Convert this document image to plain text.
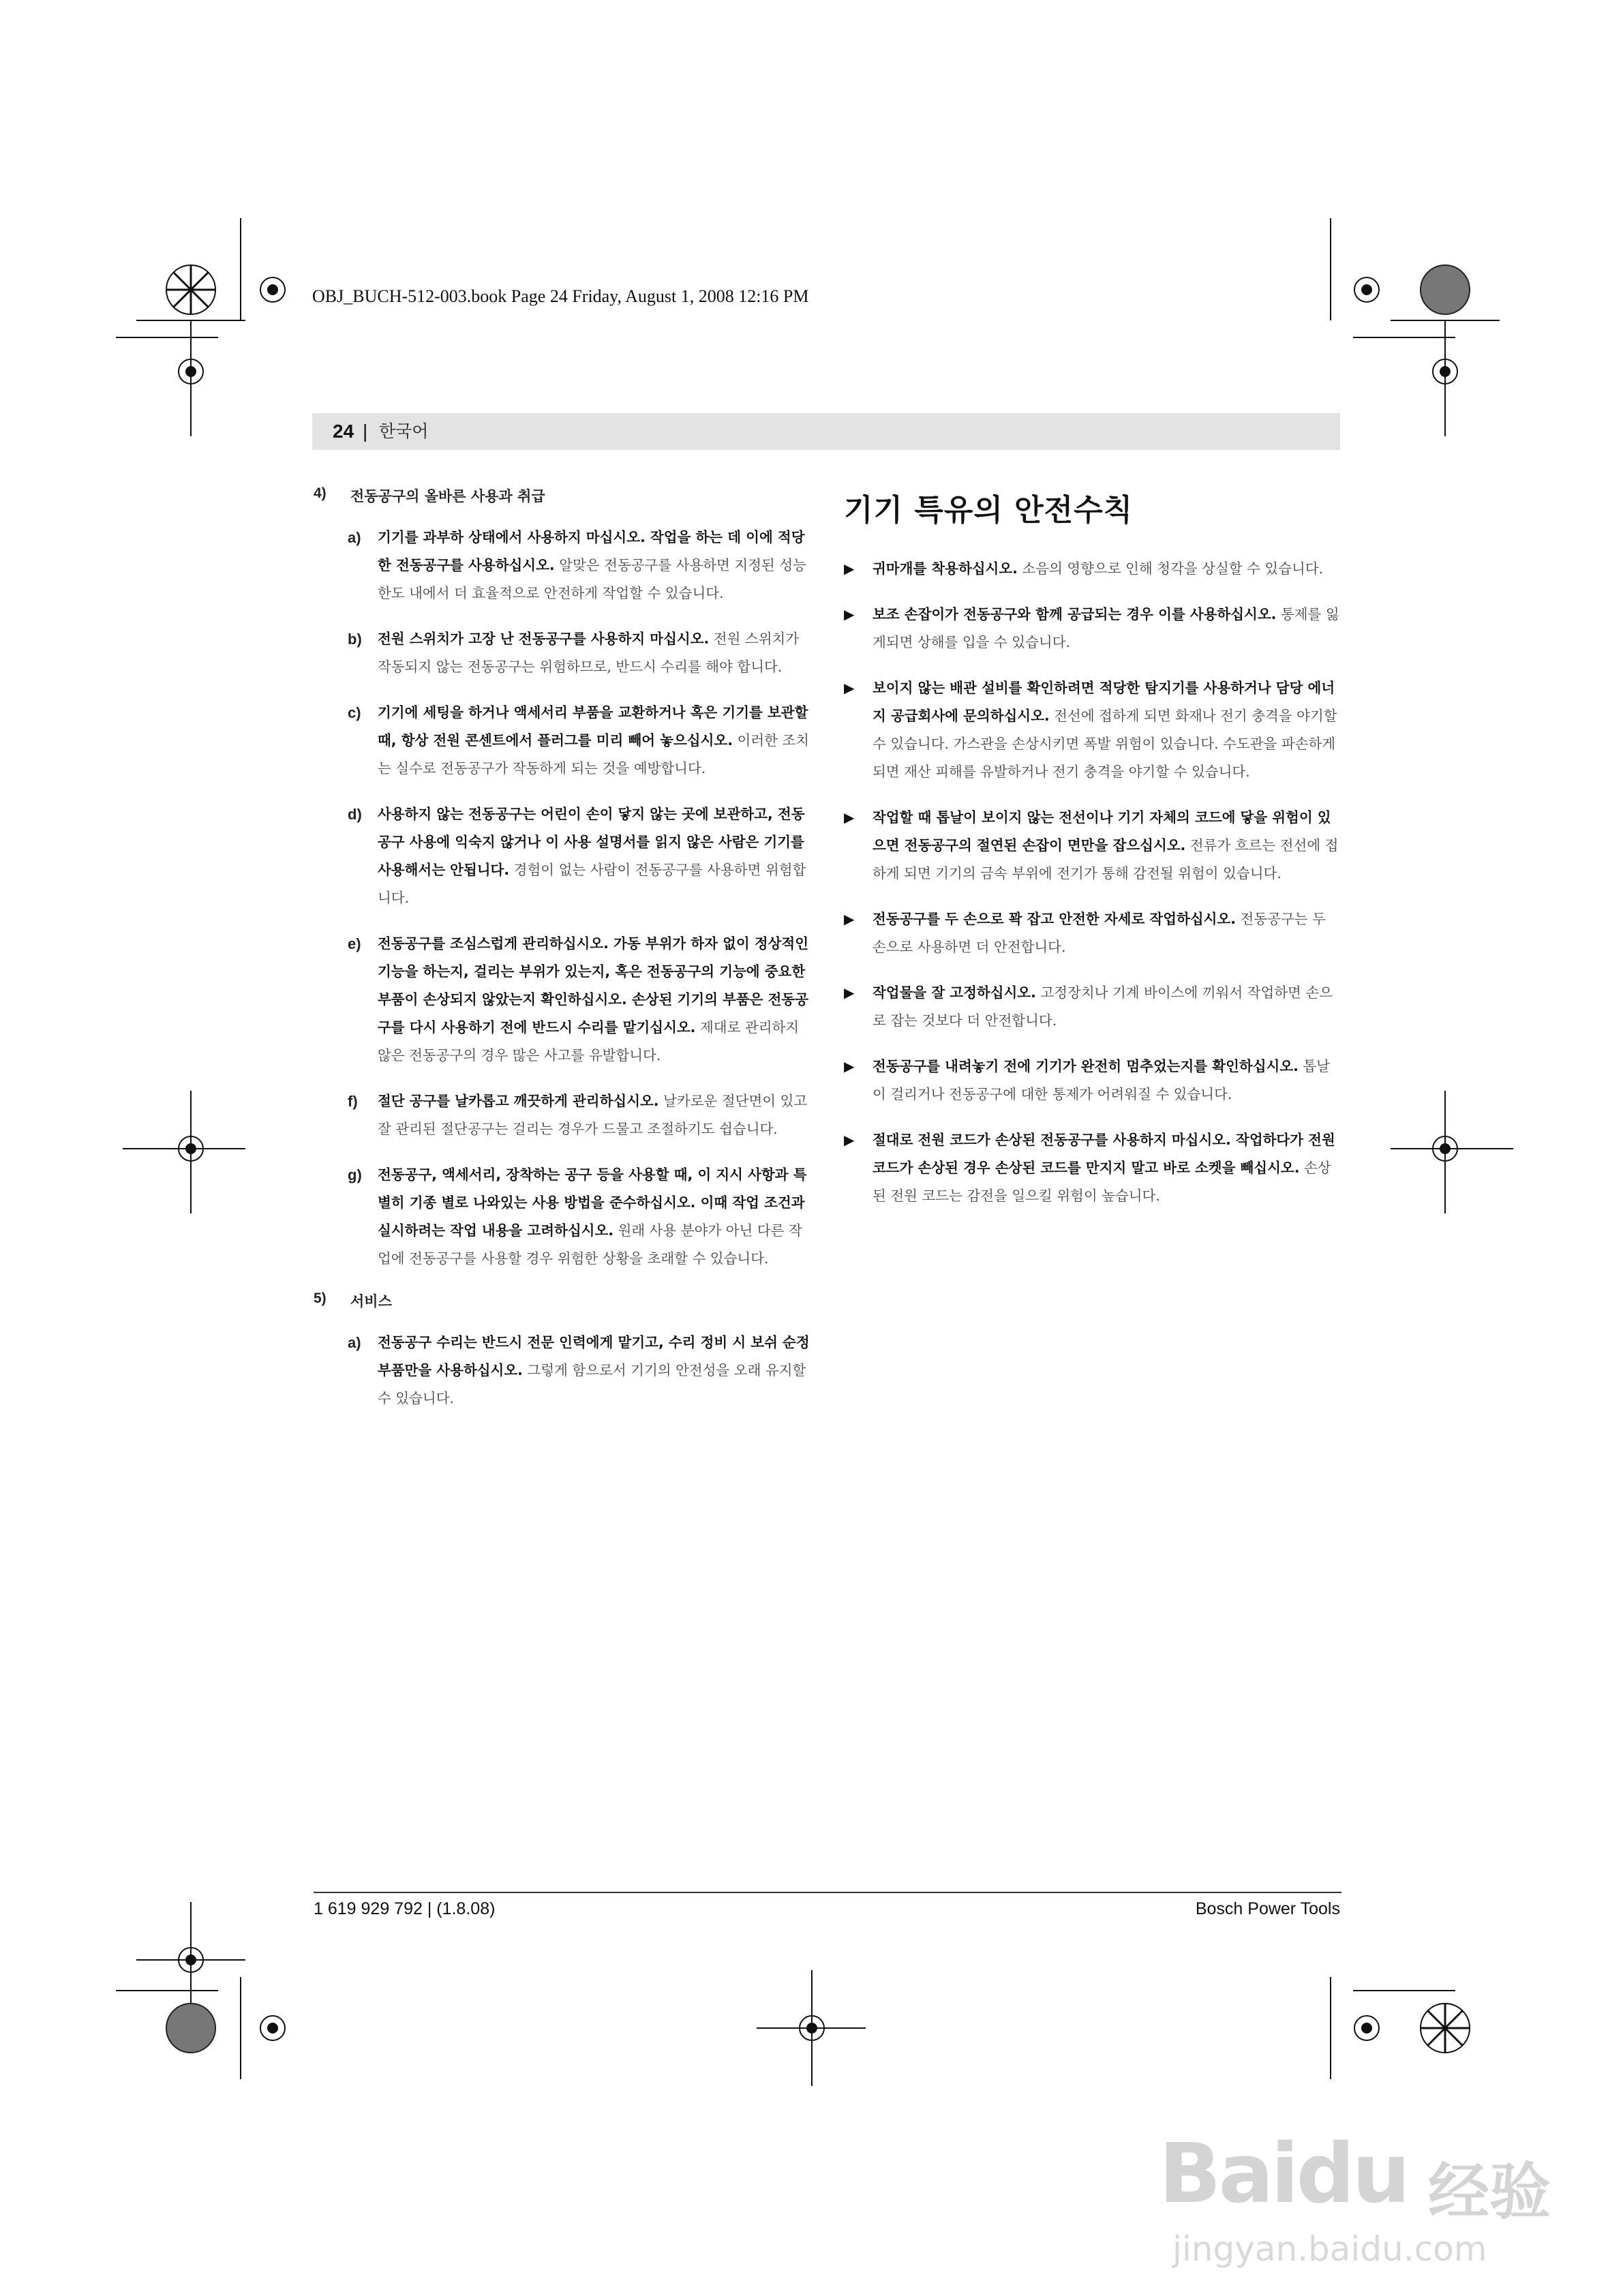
OBJ_BUCH-512-003.book Page 24 Friday, August 1, 2008 12:16 PM
24 | 한국어
4)	전동공구의 올바른 사용과 취급
a)	기기를 과부하 상태에서 사용하지 마십시오. 작업을 하는 데 이에 적당한 전동공구를 사용하십시오. 알맞은 전동공구를 사용하면 지정된 성능 한도 내에서 더 효율적으로 안전하게 작업할 수 있습니다.
b)	전원 스위치가 고장 난 전동공구를 사용하지 마십시오. 전원 스위치가 작동되지 않는 전동공구는 위험하므로, 반드시 수리를 해야 합니다.
c)	기기에 세팅을 하거나 액세서리 부품을 교환하거나 혹은 기기를 보관할 때, 항상 전원 콘센트에서 플러그를 미리 빼어 놓으십시오. 이러한 조치는 실수로 전동공구가 작동하게 되는 것을 예방합니다.
d)	사용하지 않는 전동공구는 어린이 손이 닿지 않는 곳에 보관하고, 전동공구 사용에 익숙지 않거나 이 사용 설명서를 읽지 않은 사람은 기기를 사용해서는 안됩니다. 경험이 없는 사람이 전동공구를 사용하면 위험합니다.
e)	전동공구를 조심스럽게 관리하십시오. 가동 부위가 하자 없이 정상적인 기능을 하는지, 걸리는 부위가 있는지, 혹은 전동공구의 기능에 중요한 부품이 손상되지 않았는지 확인하십시오. 손상된 기기의 부품은 전동공구를 다시 사용하기 전에 반드시 수리를 맡기십시오. 제대로 관리하지 않은 전동공구의 경우 많은 사고를 유발합니다.
f)	절단 공구를 날카롭고 깨끗하게 관리하십시오. 날카로운 절단면이 있고 잘 관리된 절단공구는 걸리는 경우가 드물고 조절하기도 쉽습니다.
g)	전동공구, 액세서리, 장착하는 공구 등을 사용할 때, 이 지시 사항과 특별히 기종 별로 나와있는 사용 방법을 준수하십시오. 이때 작업 조건과 실시하려는 작업 내용을 고려하십시오. 원래 사용 분야가 아닌 다른 작업에 전동공구를 사용할 경우 위험한 상황을 초래할 수 있습니다.
5)	서비스
a)	전동공구 수리는 반드시 전문 인력에게 맡기고, 수리 정비 시 보쉬 순정 부품만을 사용하십시오. 그렇게 함으로서 기기의 안전성을 오래 유지할 수 있습니다.
기기 특유의 안전수칙
▶	귀마개를 착용하십시오. 소음의 영향으로 인해 청각을 상실할 수 있습니다.
▶	보조 손잡이가 전동공구와 함께 공급되는 경우 이를 사용하십시오. 통제를 잃게되면 상해를 입을 수 있습니다.
▶	보이지 않는 배관 설비를 확인하려면 적당한 탐지기를 사용하거나 담당 에너지 공급회사에 문의하십시오. 전선에 접하게 되면 화재나 전기 충격을 야기할 수 있습니다. 가스관을 손상시키면 폭발 위험이 있습니다. 수도관을 파손하게 되면 재산 피해를 유발하거나 전기 충격을 야기할 수 있습니다.
▶	작업할 때 톱날이 보이지 않는 전선이나 기기 자체의 코드에 닿을 위험이 있으면 전동공구의 절연된 손잡이 면만을 잡으십시오. 전류가 흐르는 전선에 접하게 되면 기기의 금속 부위에 전기가 통해 감전될 위험이 있습니다.
▶	전동공구를 두 손으로 꽉 잡고 안전한 자세로 작업하십시오. 전동공구는 두 손으로 사용하면 더 안전합니다.
▶	작업물을 잘 고정하십시오. 고정장치나 기계 바이스에 끼워서 작업하면 손으로 잡는 것보다 더 안전합니다.
▶	전동공구를 내려놓기 전에 기기가 완전히 멈추었는지를 확인하십시오. 톱날이 걸리거나 전동공구에 대한 통제가 어려워질 수 있습니다.
▶	절대로 전원 코드가 손상된 전동공구를 사용하지 마십시오. 작업하다가 전원 코드가 손상된 경우 손상된 코드를 만지지 말고 바로 소켓을 빼십시오. 손상된 전원 코드는 감전을 일으킬 위험이 높습니다.
1 619 929 792 | (1.8.08)	Bosch Power Tools
Baidu 经验
jingyan.baidu.com
